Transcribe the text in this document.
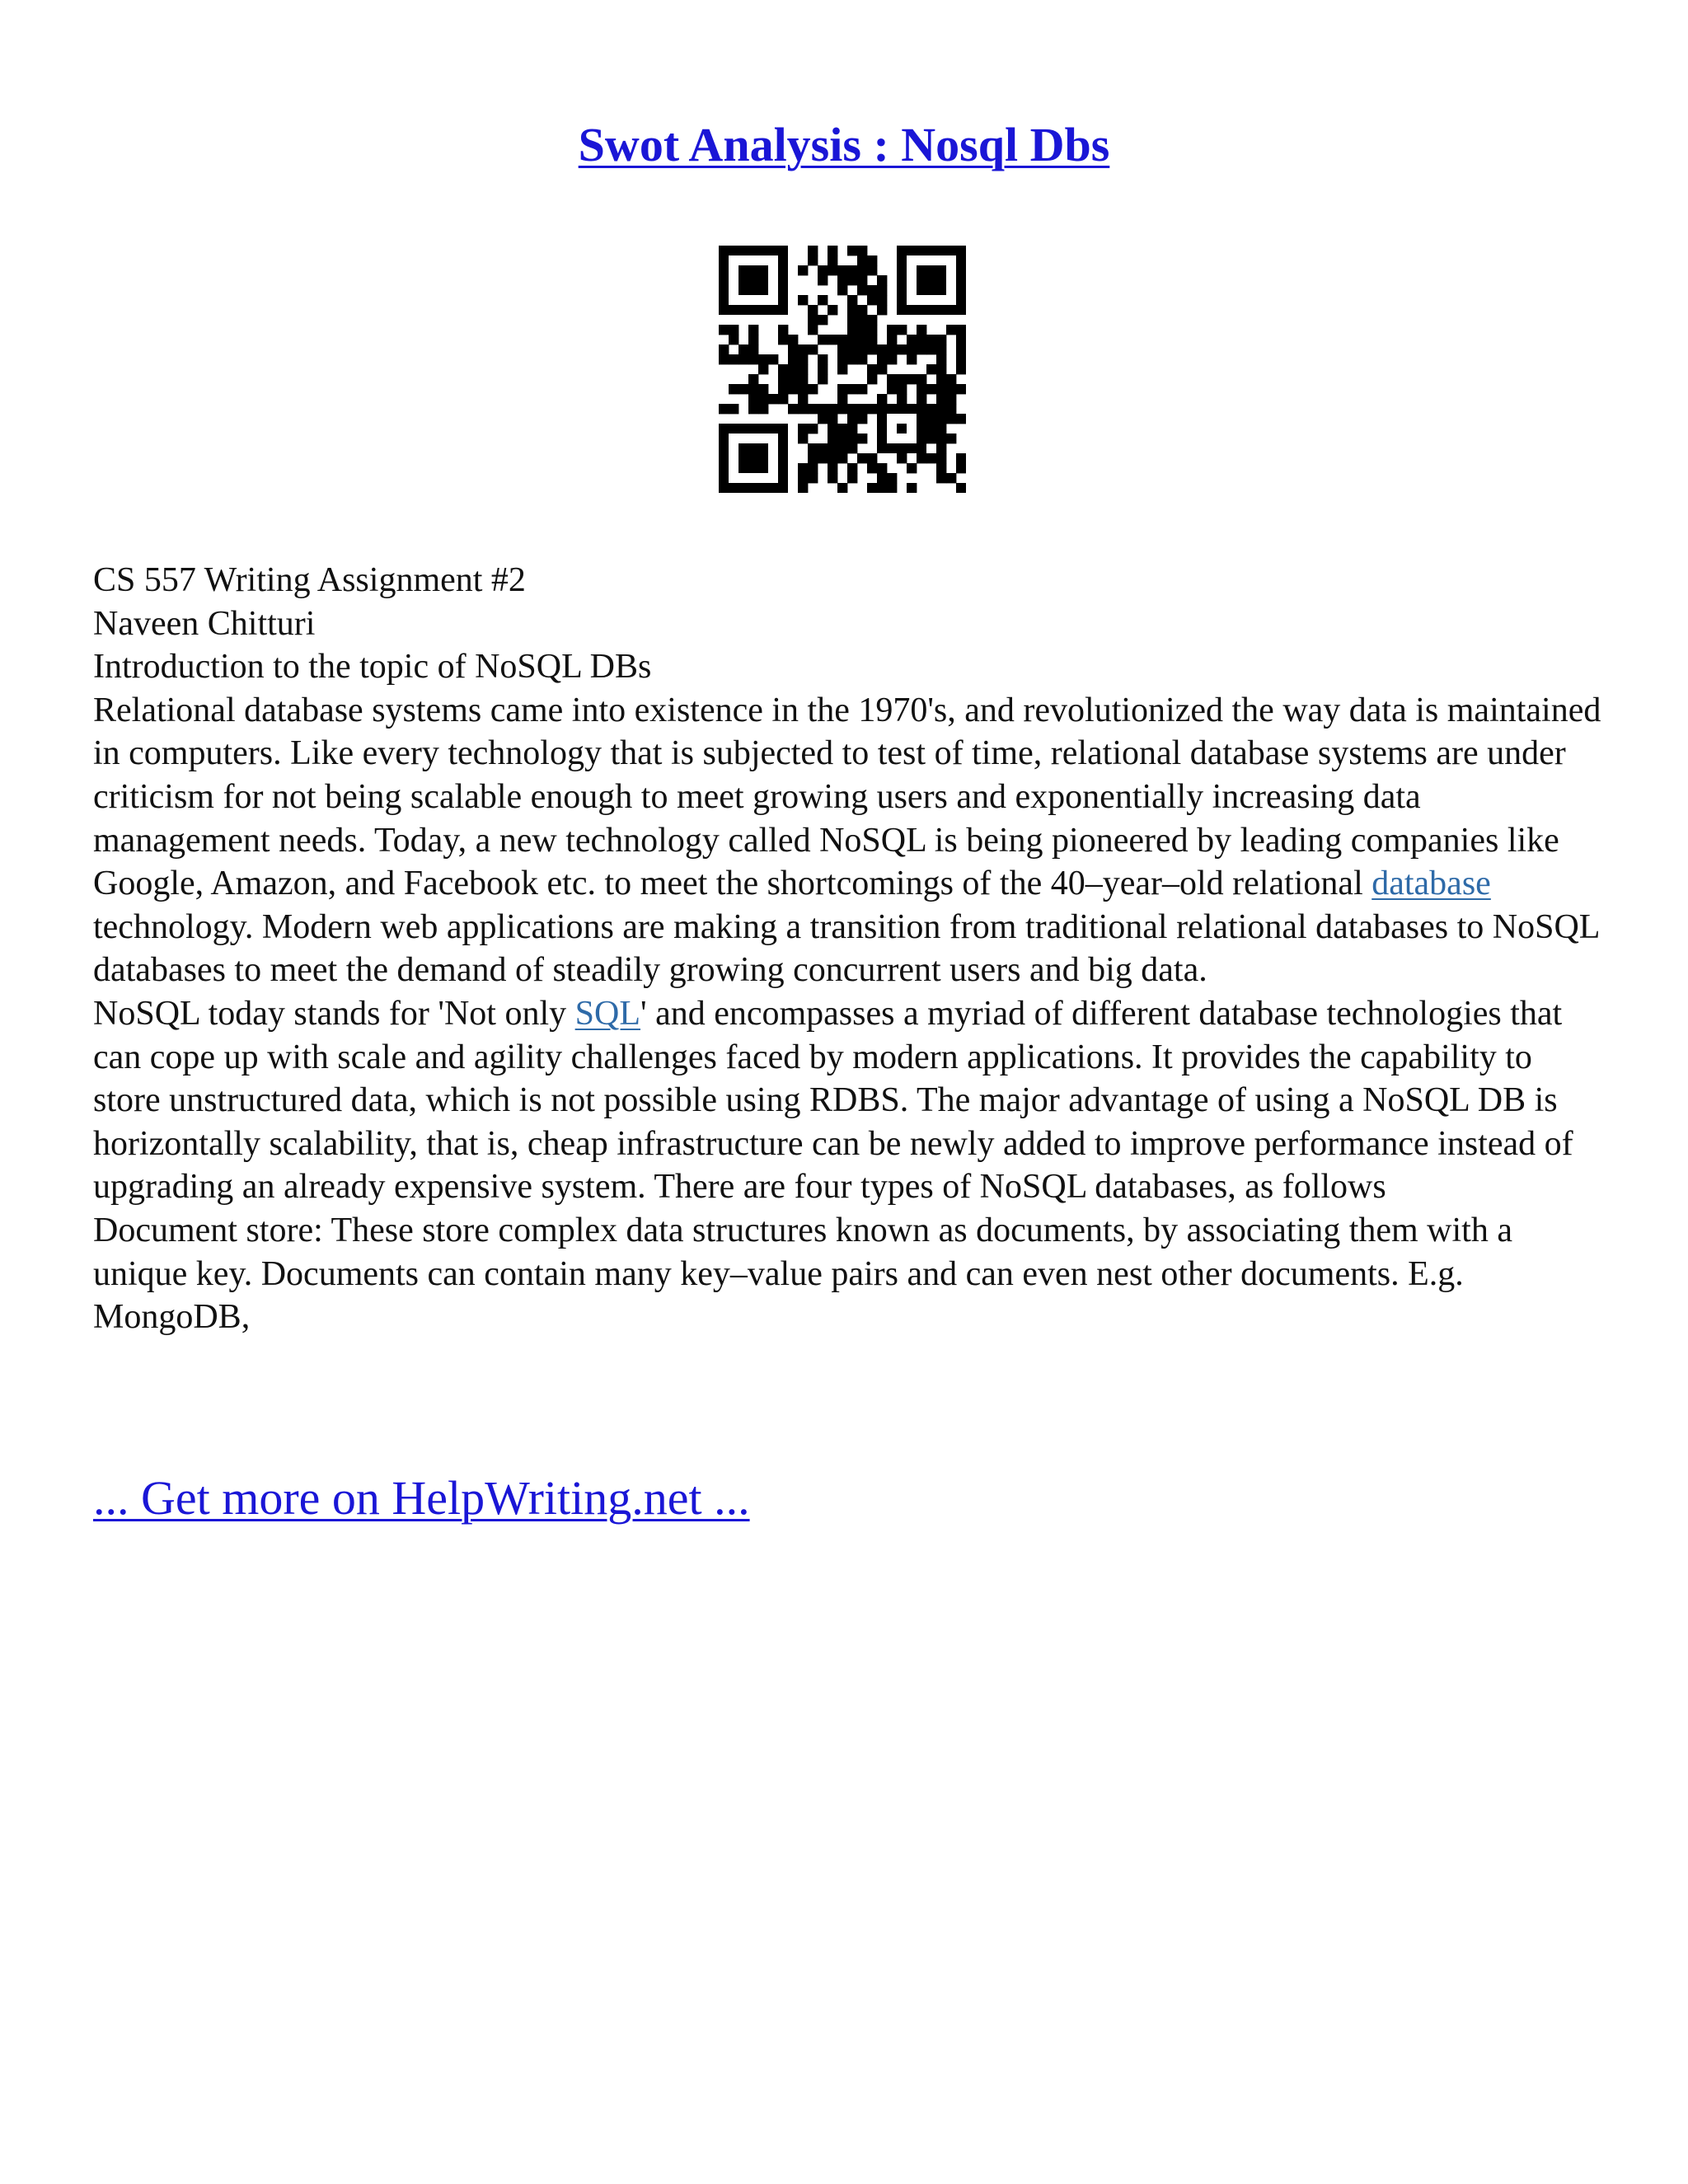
Swot Analysis : Nosql Dbs

CS 557 Writing Assignment #2

Naveen Chitturi

Introduction to the topic of NoSQL DBs

Relational database systems came into existence in the 1970's, and revolutionized the way data is maintained in computers. Like every technology that is subjected to test of time, relational database systems are under criticism for not being scalable enough to meet growing users and exponentially increasing data management needs. Today, a new technology called NoSQL is being pioneered by leading companies like Google, Amazon, and Facebook etc. to meet the shortcomings of the 40–year–old relational database technology. Modern web applications are making a transition from traditional relational databases to NoSQL databases to meet the demand of steadily growing concurrent users and big data.

NoSQL today stands for 'Not only SQL' and encompasses a myriad of different database technologies that can cope up with scale and agility challenges faced by modern applications. It provides the capability to store unstructured data, which is not possible using RDBS. The major advantage of using a NoSQL DB is horizontally scalability, that is, cheap infrastructure can be newly added to improve performance instead of upgrading an already expensive system. There are four types of NoSQL databases, as follows

Document store: These store complex data structures known as documents, by associating them with a unique key. Documents can contain many key–value pairs and can even nest other documents. E.g. MongoDB,

... Get more on HelpWriting.net ...
